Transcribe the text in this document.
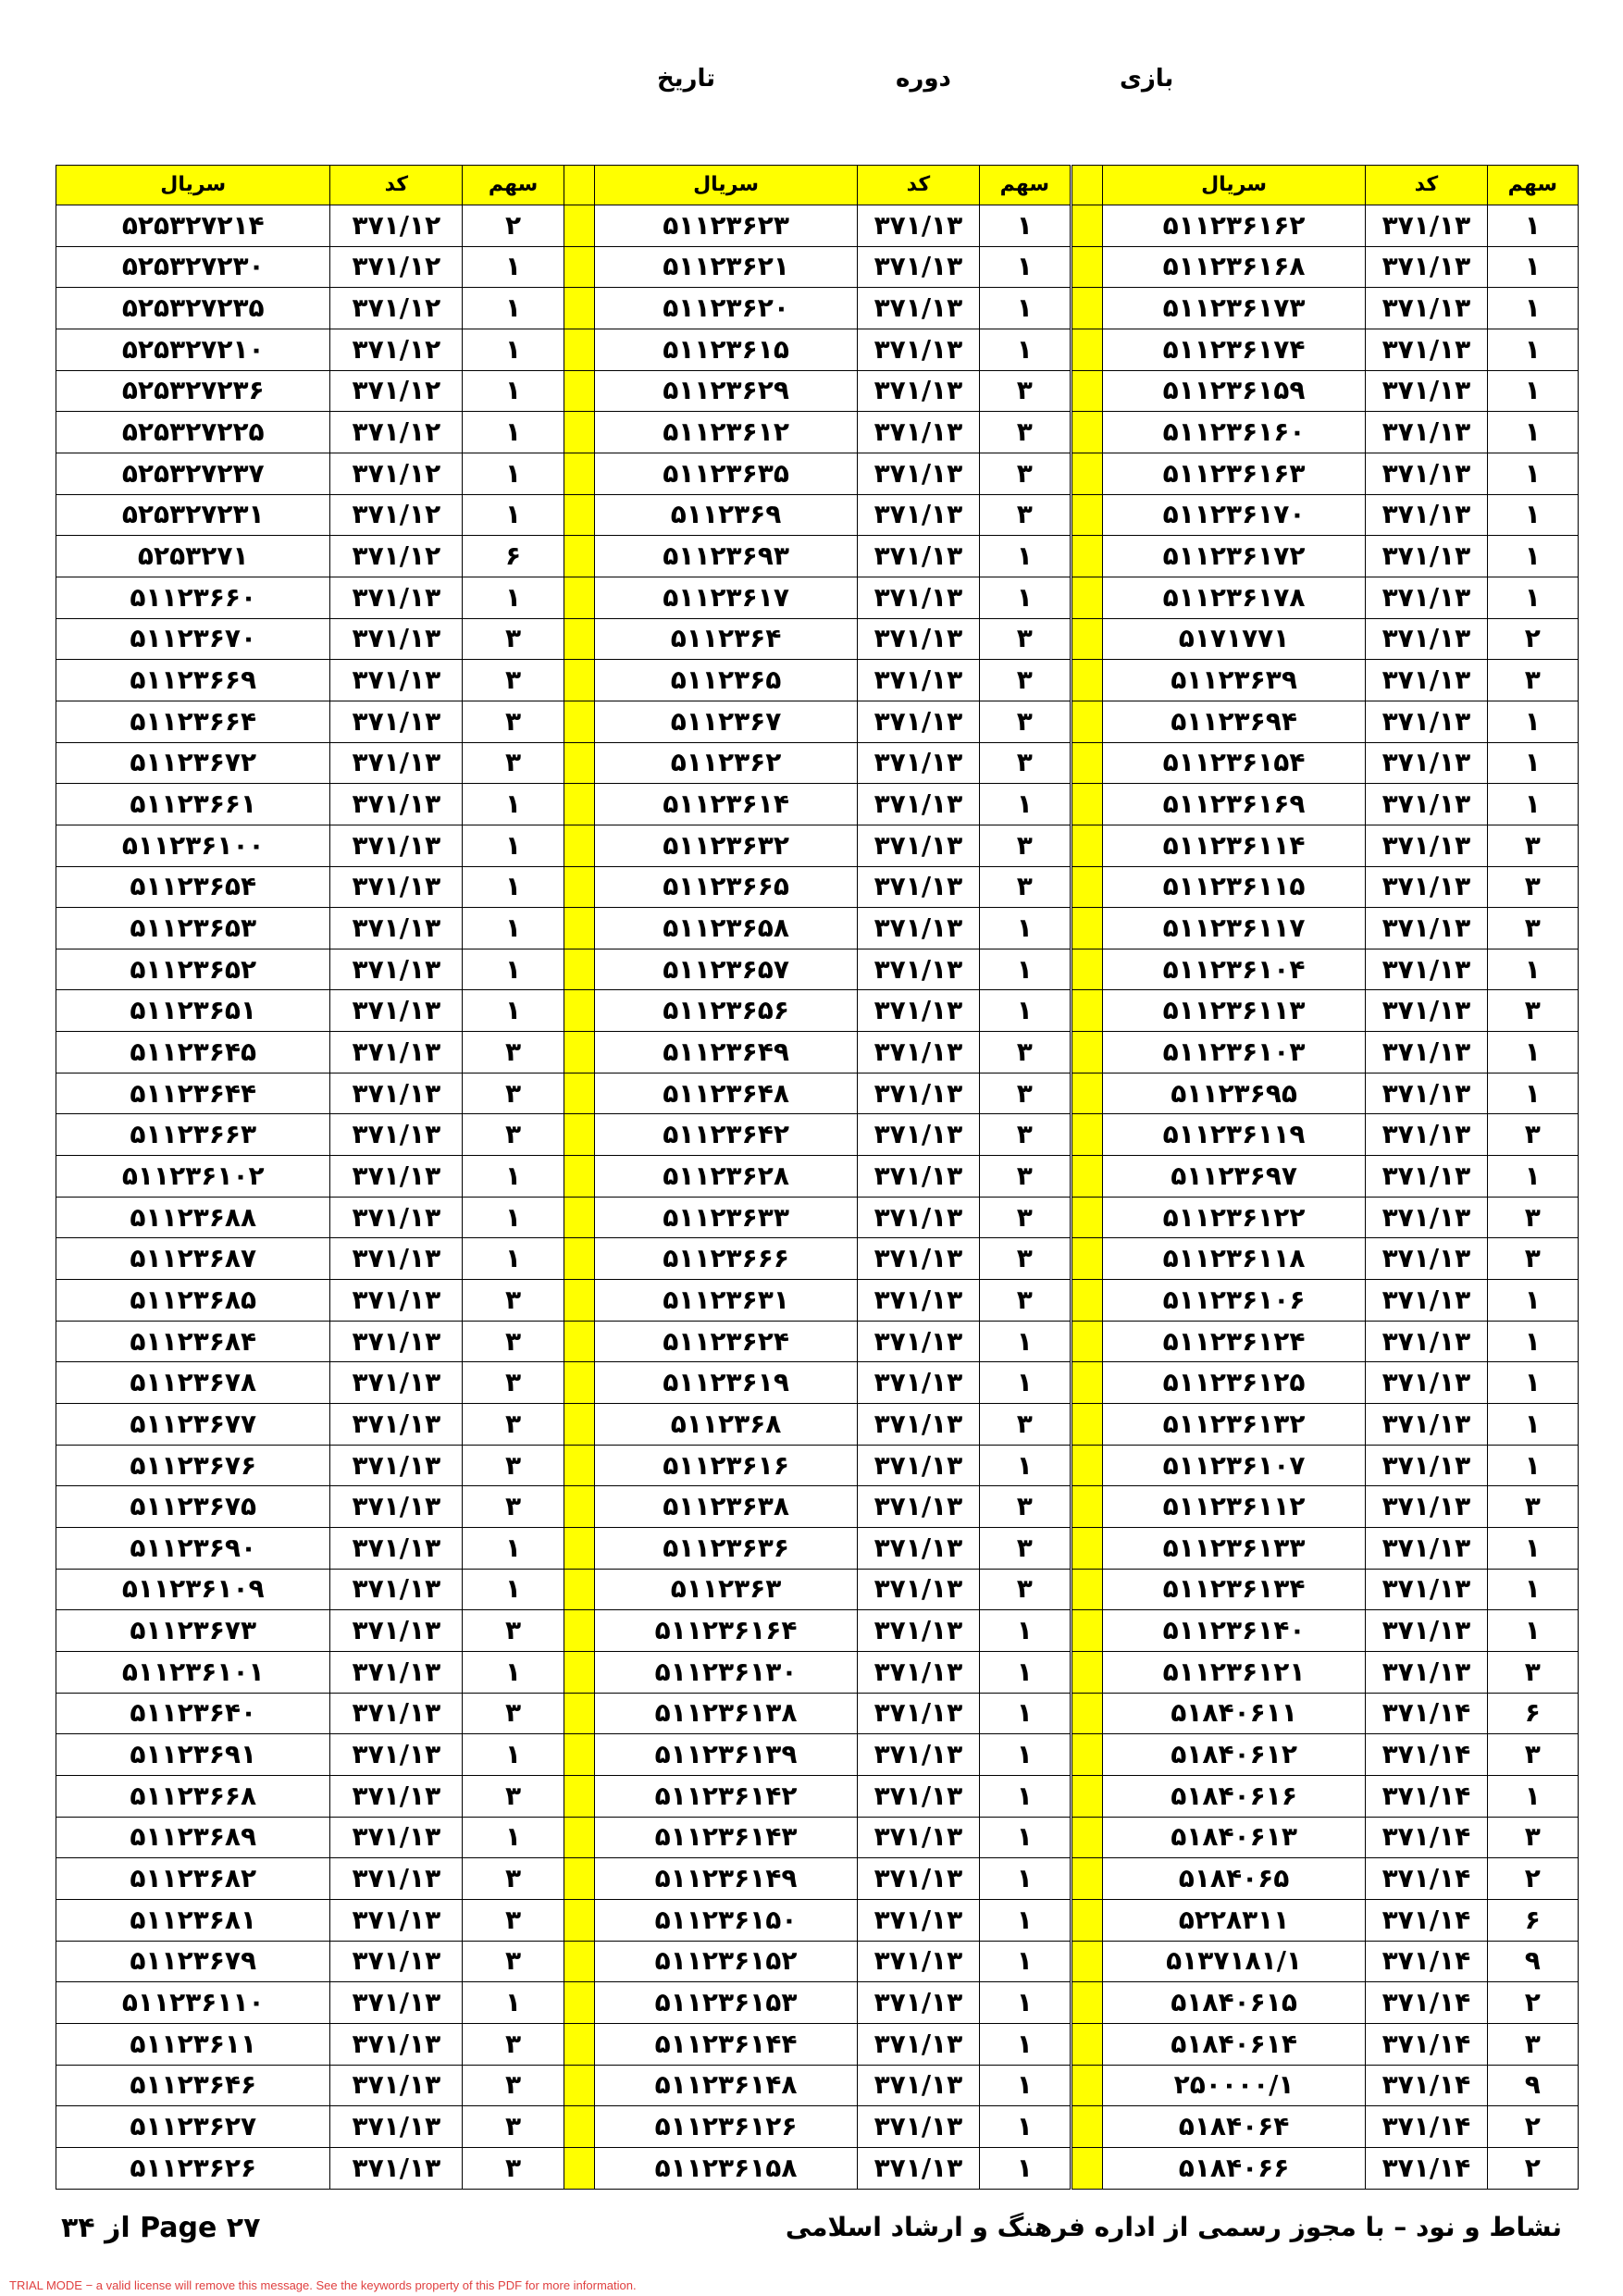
بازی
دوره
تاریخ
سهم	کد	سریال	
۱	۳۷۱/۱۳	۵۱۱۲۳۶۱۶۲	
۱	۳۷۱/۱۳	۵۱۱۲۳۶۱۶۸	
۱	۳۷۱/۱۳	۵۱۱۲۳۶۱۷۳	
۱	۳۷۱/۱۳	۵۱۱۲۳۶۱۷۴	
۱	۳۷۱/۱۳	۵۱۱۲۳۶۱۵۹	
۱	۳۷۱/۱۳	۵۱۱۲۳۶۱۶۰	
۱	۳۷۱/۱۳	۵۱۱۲۳۶۱۶۳	
۱	۳۷۱/۱۳	۵۱۱۲۳۶۱۷۰	
۱	۳۷۱/۱۳	۵۱۱۲۳۶۱۷۲	
۱	۳۷۱/۱۳	۵۱۱۲۳۶۱۷۸	
۲	۳۷۱/۱۳	۵۱۷۱۷۷۱	
۳	۳۷۱/۱۳	۵۱۱۲۳۶۳۹	
۱	۳۷۱/۱۳	۵۱۱۲۳۶۹۴	
۱	۳۷۱/۱۳	۵۱۱۲۳۶۱۵۴	
۱	۳۷۱/۱۳	۵۱۱۲۳۶۱۶۹	
۳	۳۷۱/۱۳	۵۱۱۲۳۶۱۱۴	
۳	۳۷۱/۱۳	۵۱۱۲۳۶۱۱۵	
۳	۳۷۱/۱۳	۵۱۱۲۳۶۱۱۷	
۱	۳۷۱/۱۳	۵۱۱۲۳۶۱۰۴	
۳	۳۷۱/۱۳	۵۱۱۲۳۶۱۱۳	
۱	۳۷۱/۱۳	۵۱۱۲۳۶۱۰۳	
۱	۳۷۱/۱۳	۵۱۱۲۳۶۹۵	
۳	۳۷۱/۱۳	۵۱۱۲۳۶۱۱۹	
۱	۳۷۱/۱۳	۵۱۱۲۳۶۹۷	
۳	۳۷۱/۱۳	۵۱۱۲۳۶۱۲۲	
۳	۳۷۱/۱۳	۵۱۱۲۳۶۱۱۸	
۱	۳۷۱/۱۳	۵۱۱۲۳۶۱۰۶	
۱	۳۷۱/۱۳	۵۱۱۲۳۶۱۲۴	
۱	۳۷۱/۱۳	۵۱۱۲۳۶۱۲۵	
۱	۳۷۱/۱۳	۵۱۱۲۳۶۱۳۲	
۱	۳۷۱/۱۳	۵۱۱۲۳۶۱۰۷	
۳	۳۷۱/۱۳	۵۱۱۲۳۶۱۱۲	
۱	۳۷۱/۱۳	۵۱۱۲۳۶۱۳۳	
۱	۳۷۱/۱۳	۵۱۱۲۳۶۱۳۴	
۱	۳۷۱/۱۳	۵۱۱۲۳۶۱۴۰	
۳	۳۷۱/۱۳	۵۱۱۲۳۶۱۲۱	
۶	۳۷۱/۱۴	۵۱۸۴۰۶۱۱	
۳	۳۷۱/۱۴	۵۱۸۴۰۶۱۲	
۱	۳۷۱/۱۴	۵۱۸۴۰۶۱۶	
۳	۳۷۱/۱۴	۵۱۸۴۰۶۱۳	
۲	۳۷۱/۱۴	۵۱۸۴۰۶۵	
۶	۳۷۱/۱۴	۵۲۲۸۳۱۱	
۹	۳۷۱/۱۴	۵۱۳۷۱۸۱/۱	
۲	۳۷۱/۱۴	۵۱۸۴۰۶۱۵	
۳	۳۷۱/۱۴	۵۱۸۴۰۶۱۴	
۹	۳۷۱/۱۴	۲۵۰۰۰۰/۱	
۲	۳۷۱/۱۴	۵۱۸۴۰۶۴	
۲	۳۷۱/۱۴	۵۱۸۴۰۶۶	
سهم	کد	سریال	
۱	۳۷۱/۱۳	۵۱۱۲۳۶۲۳	
۱	۳۷۱/۱۳	۵۱۱۲۳۶۲۱	
۱	۳۷۱/۱۳	۵۱۱۲۳۶۲۰	
۱	۳۷۱/۱۳	۵۱۱۲۳۶۱۵	
۳	۳۷۱/۱۳	۵۱۱۲۳۶۲۹	
۳	۳۷۱/۱۳	۵۱۱۲۳۶۱۲	
۳	۳۷۱/۱۳	۵۱۱۲۳۶۳۵	
۳	۳۷۱/۱۳	۵۱۱۲۳۶۹	
۱	۳۷۱/۱۳	۵۱۱۲۳۶۹۳	
۱	۳۷۱/۱۳	۵۱۱۲۳۶۱۷	
۳	۳۷۱/۱۳	۵۱۱۲۳۶۴	
۳	۳۷۱/۱۳	۵۱۱۲۳۶۵	
۳	۳۷۱/۱۳	۵۱۱۲۳۶۷	
۳	۳۷۱/۱۳	۵۱۱۲۳۶۲	
۱	۳۷۱/۱۳	۵۱۱۲۳۶۱۴	
۳	۳۷۱/۱۳	۵۱۱۲۳۶۳۲	
۳	۳۷۱/۱۳	۵۱۱۲۳۶۶۵	
۱	۳۷۱/۱۳	۵۱۱۲۳۶۵۸	
۱	۳۷۱/۱۳	۵۱۱۲۳۶۵۷	
۱	۳۷۱/۱۳	۵۱۱۲۳۶۵۶	
۳	۳۷۱/۱۳	۵۱۱۲۳۶۴۹	
۳	۳۷۱/۱۳	۵۱۱۲۳۶۴۸	
۳	۳۷۱/۱۳	۵۱۱۲۳۶۴۲	
۳	۳۷۱/۱۳	۵۱۱۲۳۶۲۸	
۳	۳۷۱/۱۳	۵۱۱۲۳۶۳۳	
۳	۳۷۱/۱۳	۵۱۱۲۳۶۶۶	
۳	۳۷۱/۱۳	۵۱۱۲۳۶۳۱	
۱	۳۷۱/۱۳	۵۱۱۲۳۶۲۴	
۱	۳۷۱/۱۳	۵۱۱۲۳۶۱۹	
۳	۳۷۱/۱۳	۵۱۱۲۳۶۸	
۱	۳۷۱/۱۳	۵۱۱۲۳۶۱۶	
۳	۳۷۱/۱۳	۵۱۱۲۳۶۳۸	
۳	۳۷۱/۱۳	۵۱۱۲۳۶۳۶	
۳	۳۷۱/۱۳	۵۱۱۲۳۶۳	
۱	۳۷۱/۱۳	۵۱۱۲۳۶۱۶۴	
۱	۳۷۱/۱۳	۵۱۱۲۳۶۱۳۰	
۱	۳۷۱/۱۳	۵۱۱۲۳۶۱۳۸	
۱	۳۷۱/۱۳	۵۱۱۲۳۶۱۳۹	
۱	۳۷۱/۱۳	۵۱۱۲۳۶۱۴۲	
۱	۳۷۱/۱۳	۵۱۱۲۳۶۱۴۳	
۱	۳۷۱/۱۳	۵۱۱۲۳۶۱۴۹	
۱	۳۷۱/۱۳	۵۱۱۲۳۶۱۵۰	
۱	۳۷۱/۱۳	۵۱۱۲۳۶۱۵۲	
۱	۳۷۱/۱۳	۵۱۱۲۳۶۱۵۳	
۱	۳۷۱/۱۳	۵۱۱۲۳۶۱۴۴	
۱	۳۷۱/۱۳	۵۱۱۲۳۶۱۴۸	
۱	۳۷۱/۱۳	۵۱۱۲۳۶۱۲۶	
۱	۳۷۱/۱۳	۵۱۱۲۳۶۱۵۸	
سهم	کد	سریال
۲	۳۷۱/۱۲	۵۲۵۳۲۷۲۱۴
۱	۳۷۱/۱۲	۵۲۵۳۲۷۲۳۰
۱	۳۷۱/۱۲	۵۲۵۳۲۷۲۳۵
۱	۳۷۱/۱۲	۵۲۵۳۲۷۲۱۰
۱	۳۷۱/۱۲	۵۲۵۳۲۷۲۳۶
۱	۳۷۱/۱۲	۵۲۵۳۲۷۲۲۵
۱	۳۷۱/۱۲	۵۲۵۳۲۷۲۳۷
۱	۳۷۱/۱۲	۵۲۵۳۲۷۲۳۱
۶	۳۷۱/۱۲	۵۲۵۳۲۷۱
۱	۳۷۱/۱۳	۵۱۱۲۳۶۶۰
۳	۳۷۱/۱۳	۵۱۱۲۳۶۷۰
۳	۳۷۱/۱۳	۵۱۱۲۳۶۶۹
۳	۳۷۱/۱۳	۵۱۱۲۳۶۶۴
۳	۳۷۱/۱۳	۵۱۱۲۳۶۷۲
۱	۳۷۱/۱۳	۵۱۱۲۳۶۶۱
۱	۳۷۱/۱۳	۵۱۱۲۳۶۱۰۰
۱	۳۷۱/۱۳	۵۱۱۲۳۶۵۴
۱	۳۷۱/۱۳	۵۱۱۲۳۶۵۳
۱	۳۷۱/۱۳	۵۱۱۲۳۶۵۲
۱	۳۷۱/۱۳	۵۱۱۲۳۶۵۱
۳	۳۷۱/۱۳	۵۱۱۲۳۶۴۵
۳	۳۷۱/۱۳	۵۱۱۲۳۶۴۴
۳	۳۷۱/۱۳	۵۱۱۲۳۶۶۳
۱	۳۷۱/۱۳	۵۱۱۲۳۶۱۰۲
۱	۳۷۱/۱۳	۵۱۱۲۳۶۸۸
۱	۳۷۱/۱۳	۵۱۱۲۳۶۸۷
۳	۳۷۱/۱۳	۵۱۱۲۳۶۸۵
۳	۳۷۱/۱۳	۵۱۱۲۳۶۸۴
۳	۳۷۱/۱۳	۵۱۱۲۳۶۷۸
۳	۳۷۱/۱۳	۵۱۱۲۳۶۷۷
۳	۳۷۱/۱۳	۵۱۱۲۳۶۷۶
۳	۳۷۱/۱۳	۵۱۱۲۳۶۷۵
۱	۳۷۱/۱۳	۵۱۱۲۳۶۹۰
۱	۳۷۱/۱۳	۵۱۱۲۳۶۱۰۹
۳	۳۷۱/۱۳	۵۱۱۲۳۶۷۳
۱	۳۷۱/۱۳	۵۱۱۲۳۶۱۰۱
۳	۳۷۱/۱۳	۵۱۱۲۳۶۴۰
۱	۳۷۱/۱۳	۵۱۱۲۳۶۹۱
۳	۳۷۱/۱۳	۵۱۱۲۳۶۶۸
۱	۳۷۱/۱۳	۵۱۱۲۳۶۸۹
۳	۳۷۱/۱۳	۵۱۱۲۳۶۸۲
۳	۳۷۱/۱۳	۵۱۱۲۳۶۸۱
۳	۳۷۱/۱۳	۵۱۱۲۳۶۷۹
۱	۳۷۱/۱۳	۵۱۱۲۳۶۱۱۰
۳	۳۷۱/۱۳	۵۱۱۲۳۶۱۱
۳	۳۷۱/۱۳	۵۱۱۲۳۶۴۶
۳	۳۷۱/۱۳	۵۱۱۲۳۶۲۷
۳	۳۷۱/۱۳	۵۱۱۲۳۶۲۶
Page ۲۷ از ۳۴	نشاط و نود – با مجوز رسمی از اداره فرهنگ و ارشاد اسلامی
TRIAL MODE − a valid license will remove this message. See the keywords property of this PDF for more information.
